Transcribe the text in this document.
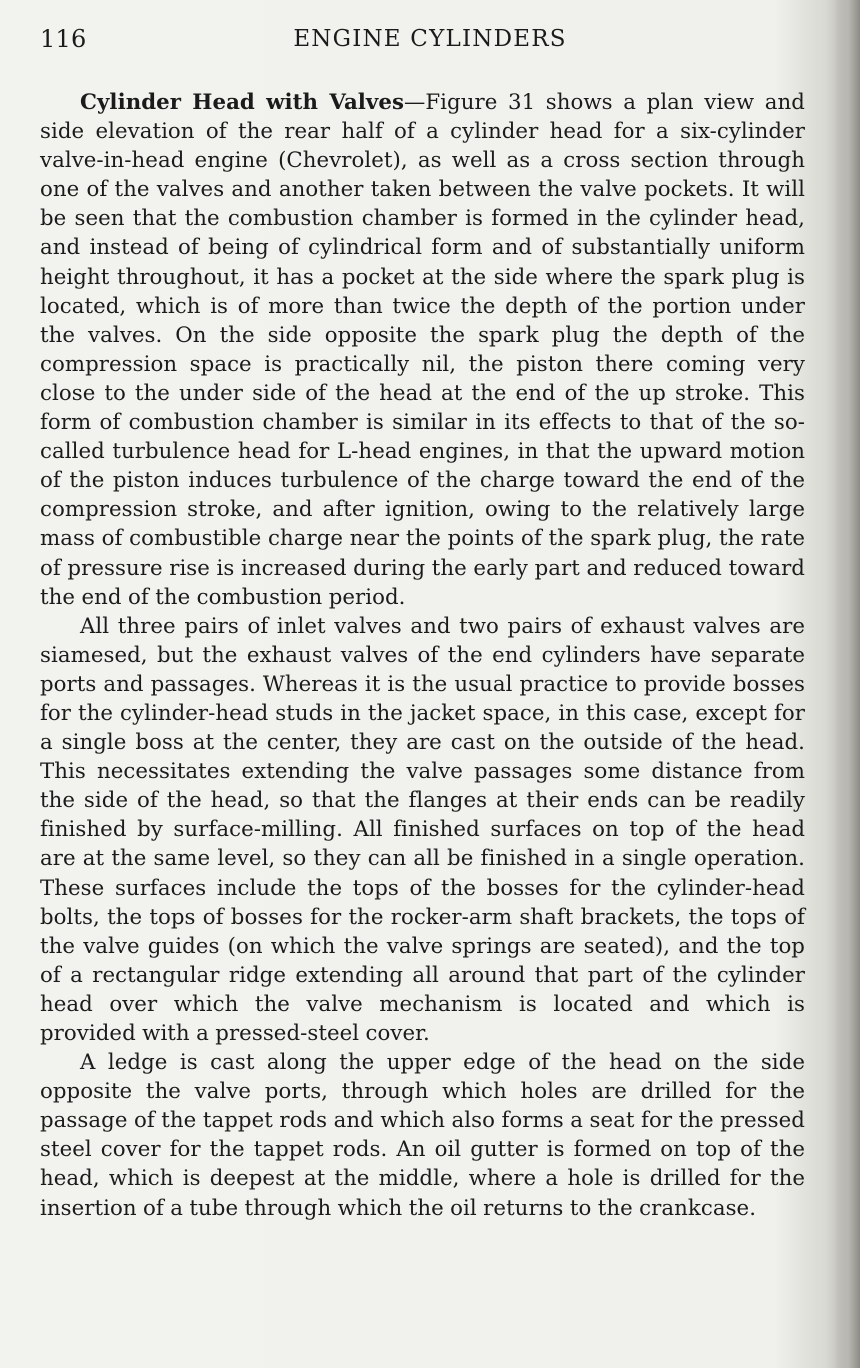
116	ENGINE CYLINDERS

Cylinder Head with Valves—Figure 31 shows a plan view and side elevation of the rear half of a cylinder head for a six-cylinder valve-in-head engine (Chevrolet), as well as a cross section through one of the valves and another taken between the valve pockets. It will be seen that the combustion chamber is formed in the cylinder head, and instead of being of cylindrical form and of substantially uniform height throughout, it has a pocket at the side where the spark plug is located, which is of more than twice the depth of the portion under the valves. On the side opposite the spark plug the depth of the compression space is practically nil, the piston there coming very close to the under side of the head at the end of the up stroke. This form of combustion chamber is similar in its effects to that of the so-called turbulence head for L-head engines, in that the upward motion of the piston induces turbulence of the charge toward the end of the compression stroke, and after ignition, owing to the relatively large mass of combustible charge near the points of the spark plug, the rate of pressure rise is increased during the early part and reduced toward the end of the combustion period.

All three pairs of inlet valves and two pairs of exhaust valves are siamesed, but the exhaust valves of the end cylinders have separate ports and passages. Whereas it is the usual practice to provide bosses for the cylinder-head studs in the jacket space, in this case, except for a single boss at the center, they are cast on the outside of the head. This necessitates extending the valve passages some distance from the side of the head, so that the flanges at their ends can be readily finished by surface-milling. All finished surfaces on top of the head are at the same level, so they can all be finished in a single operation. These surfaces include the tops of the bosses for the cylinder-head bolts, the tops of bosses for the rocker-arm shaft brackets, the tops of the valve guides (on which the valve springs are seated), and the top of a rectangular ridge extending all around that part of the cylinder head over which the valve mechanism is located and which is provided with a pressed-steel cover.

A ledge is cast along the upper edge of the head on the side opposite the valve ports, through which holes are drilled for the passage of the tappet rods and which also forms a seat for the pressed steel cover for the tappet rods. An oil gutter is formed on top of the head, which is deepest at the middle, where a hole is drilled for the insertion of a tube through which the oil returns to the crankcase.
